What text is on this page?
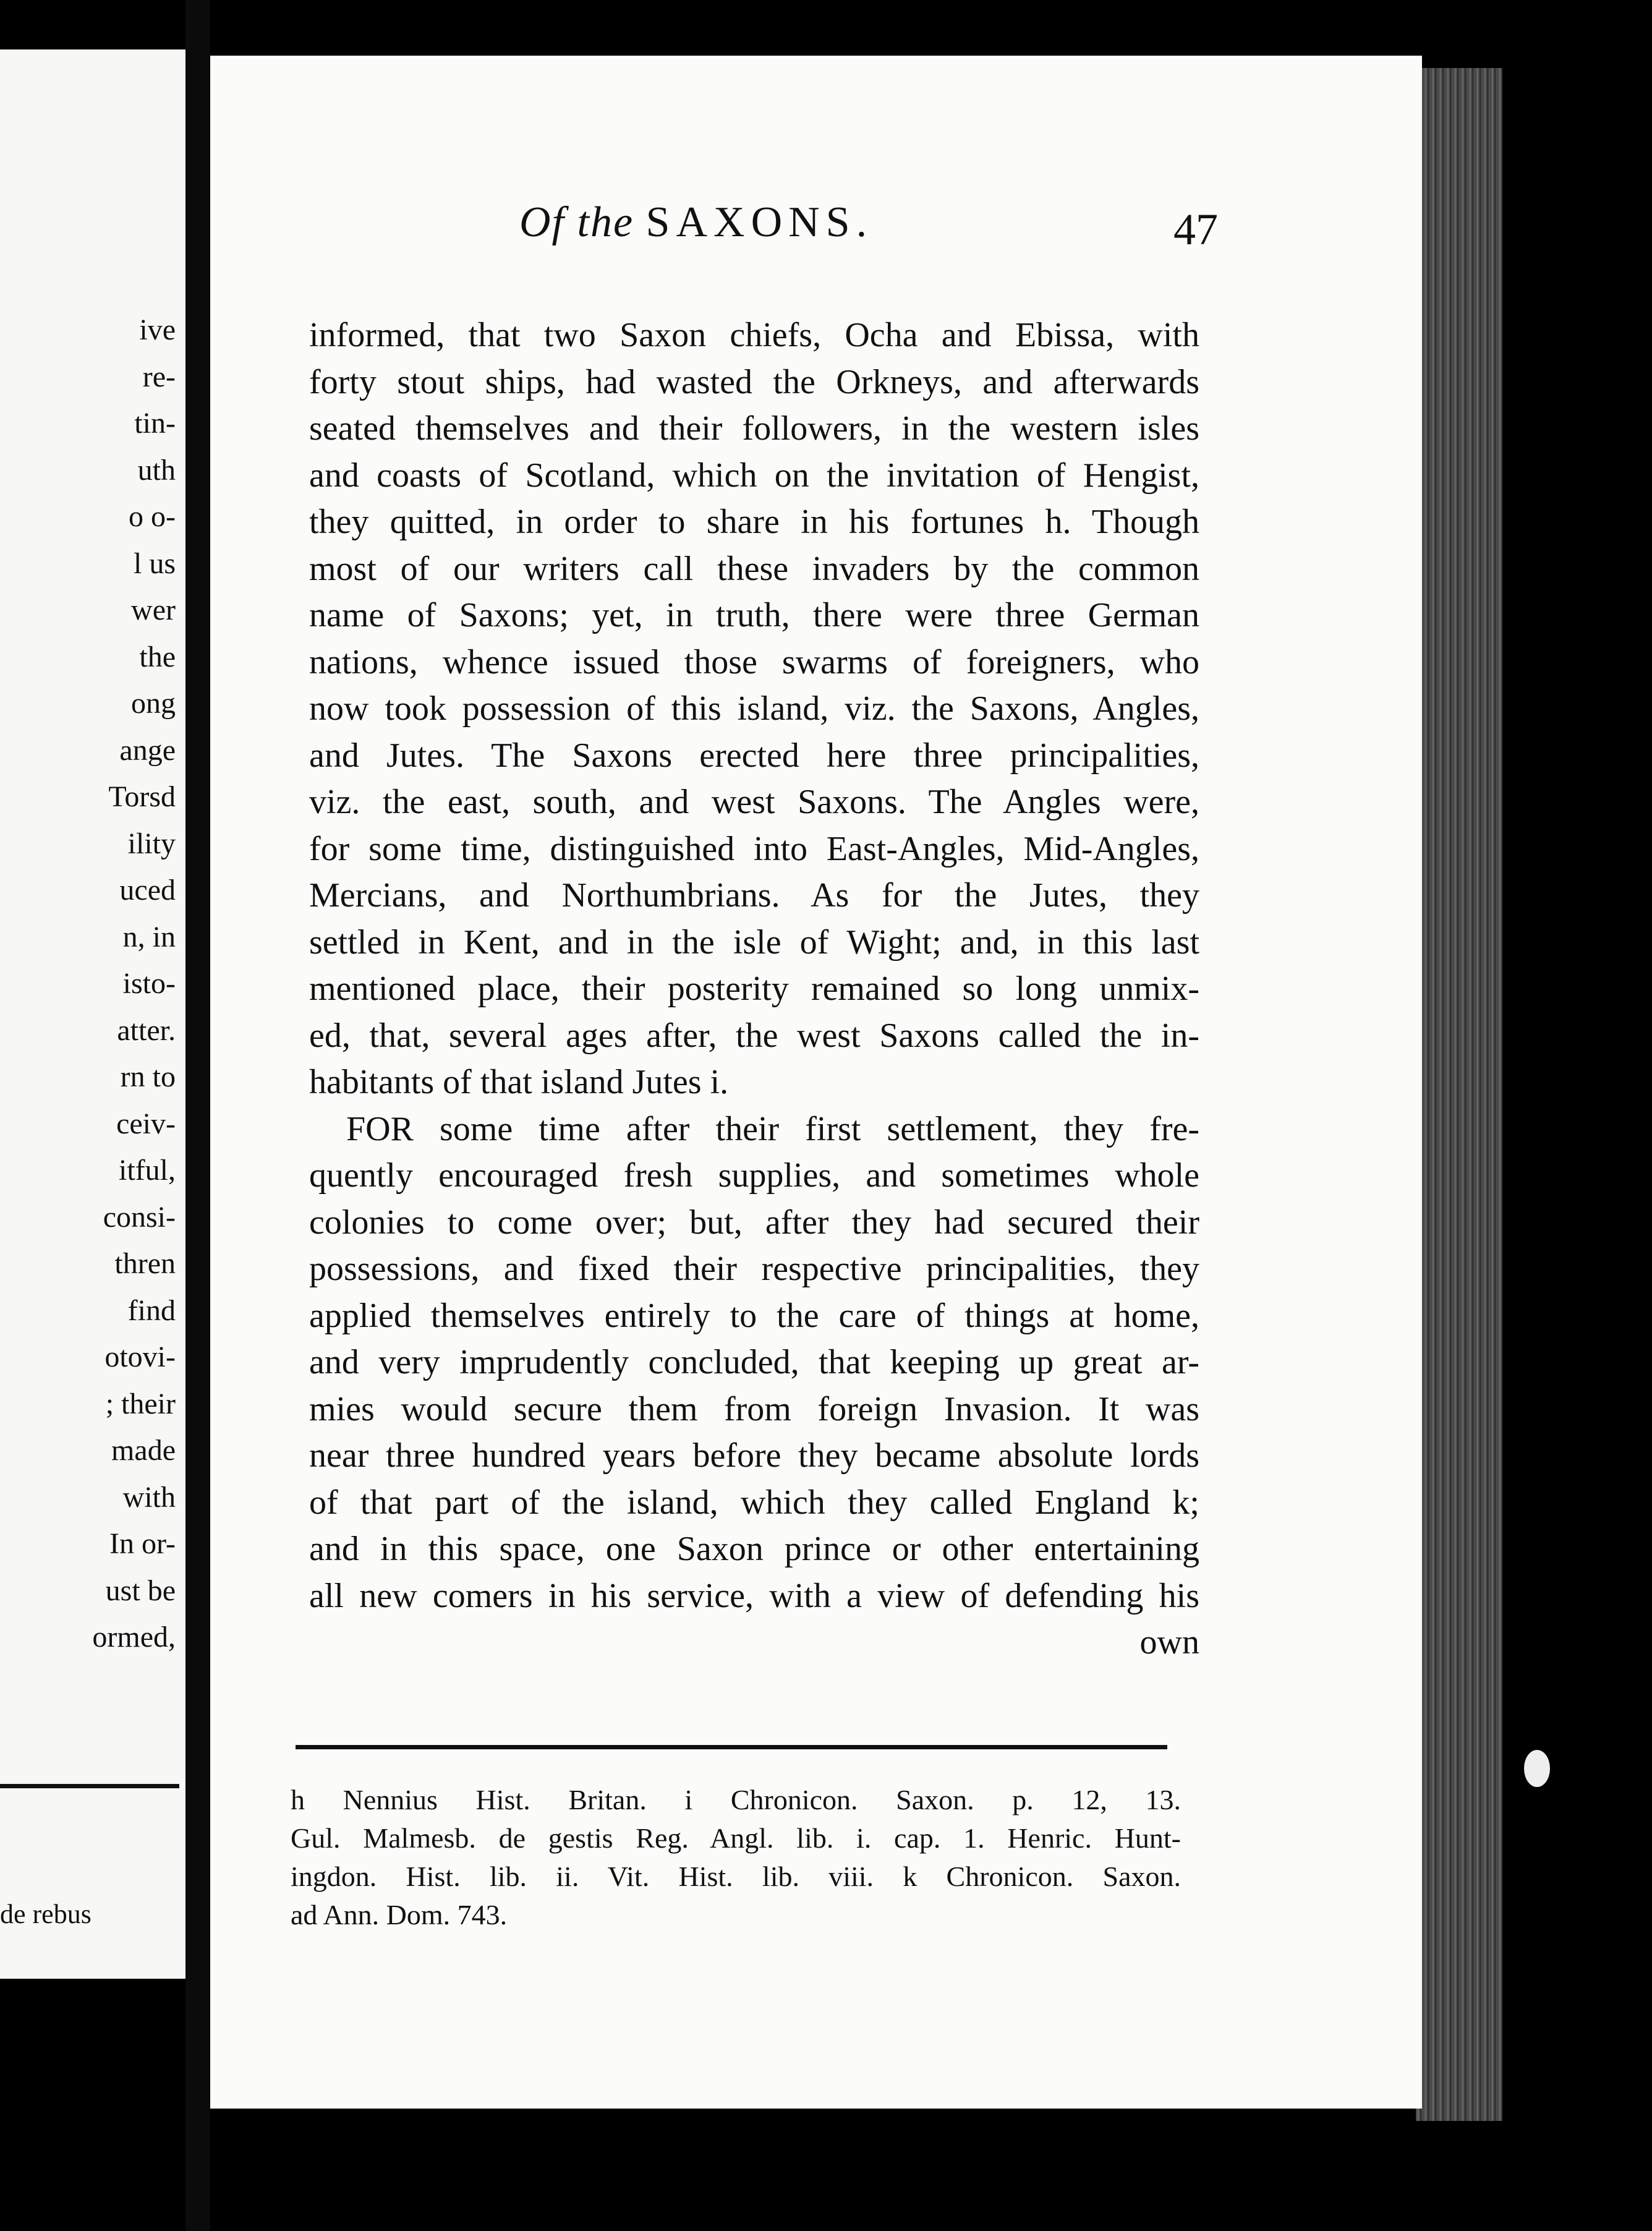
ive
re-
tin-
uth
o o-
l us
wer
the
ong
ange
Torsd
ility
uced
n, in
isto-
atter.
rn to
ceiv-
itful,
consi-
thren
find
otovi-
; their
made
with
In or-
ust be
ormed,
de rebus
Of the SAXONS.	47
informed, that two Saxon chiefs, Ocha and Ebissa, with
forty stout ships, had wasted the Orkneys, and afterwards
seated themselves and their followers, in the western isles
and coasts of Scotland, which on the invitation of Hengist,
they quitted, in order to share in his fortunes h. Though
most of our writers call these invaders by the common
name of Saxons; yet, in truth, there were three German
nations, whence issued those swarms of foreigners, who
now took possession of this island, viz. the Saxons, Angles,
and Jutes. The Saxons erected here three principalities,
viz. the east, south, and west Saxons. The Angles were,
for some time, distinguished into East-Angles, Mid-Angles,
Mercians, and Northumbrians. As for the Jutes, they
settled in Kent, and in the isle of Wight; and, in this last
mentioned place, their posterity remained so long unmix-
ed, that, several ages after, the west Saxons called the in-
habitants of that island Jutes i.
FOR some time after their first settlement, they fre-
quently encouraged fresh supplies, and sometimes whole
colonies to come over; but, after they had secured their
possessions, and fixed their respective principalities, they
applied themselves entirely to the care of things at home,
and very imprudently concluded, that keeping up great ar-
mies would secure them from foreign Invasion. It was
near three hundred years before they became absolute lords
of that part of the island, which they called England k;
and in this space, one Saxon prince or other entertaining
all new comers in his service, with a view of defending his
own
h Nennius Hist. Britan. i Chronicon. Saxon. p. 12, 13.
Gul. Malmesb. de gestis Reg. Angl. lib. i. cap. 1. Henric. Hunt-
ingdon. Hist. lib. ii. Vit. Hist. lib. viii. k Chronicon. Saxon.
ad Ann. Dom. 743.
